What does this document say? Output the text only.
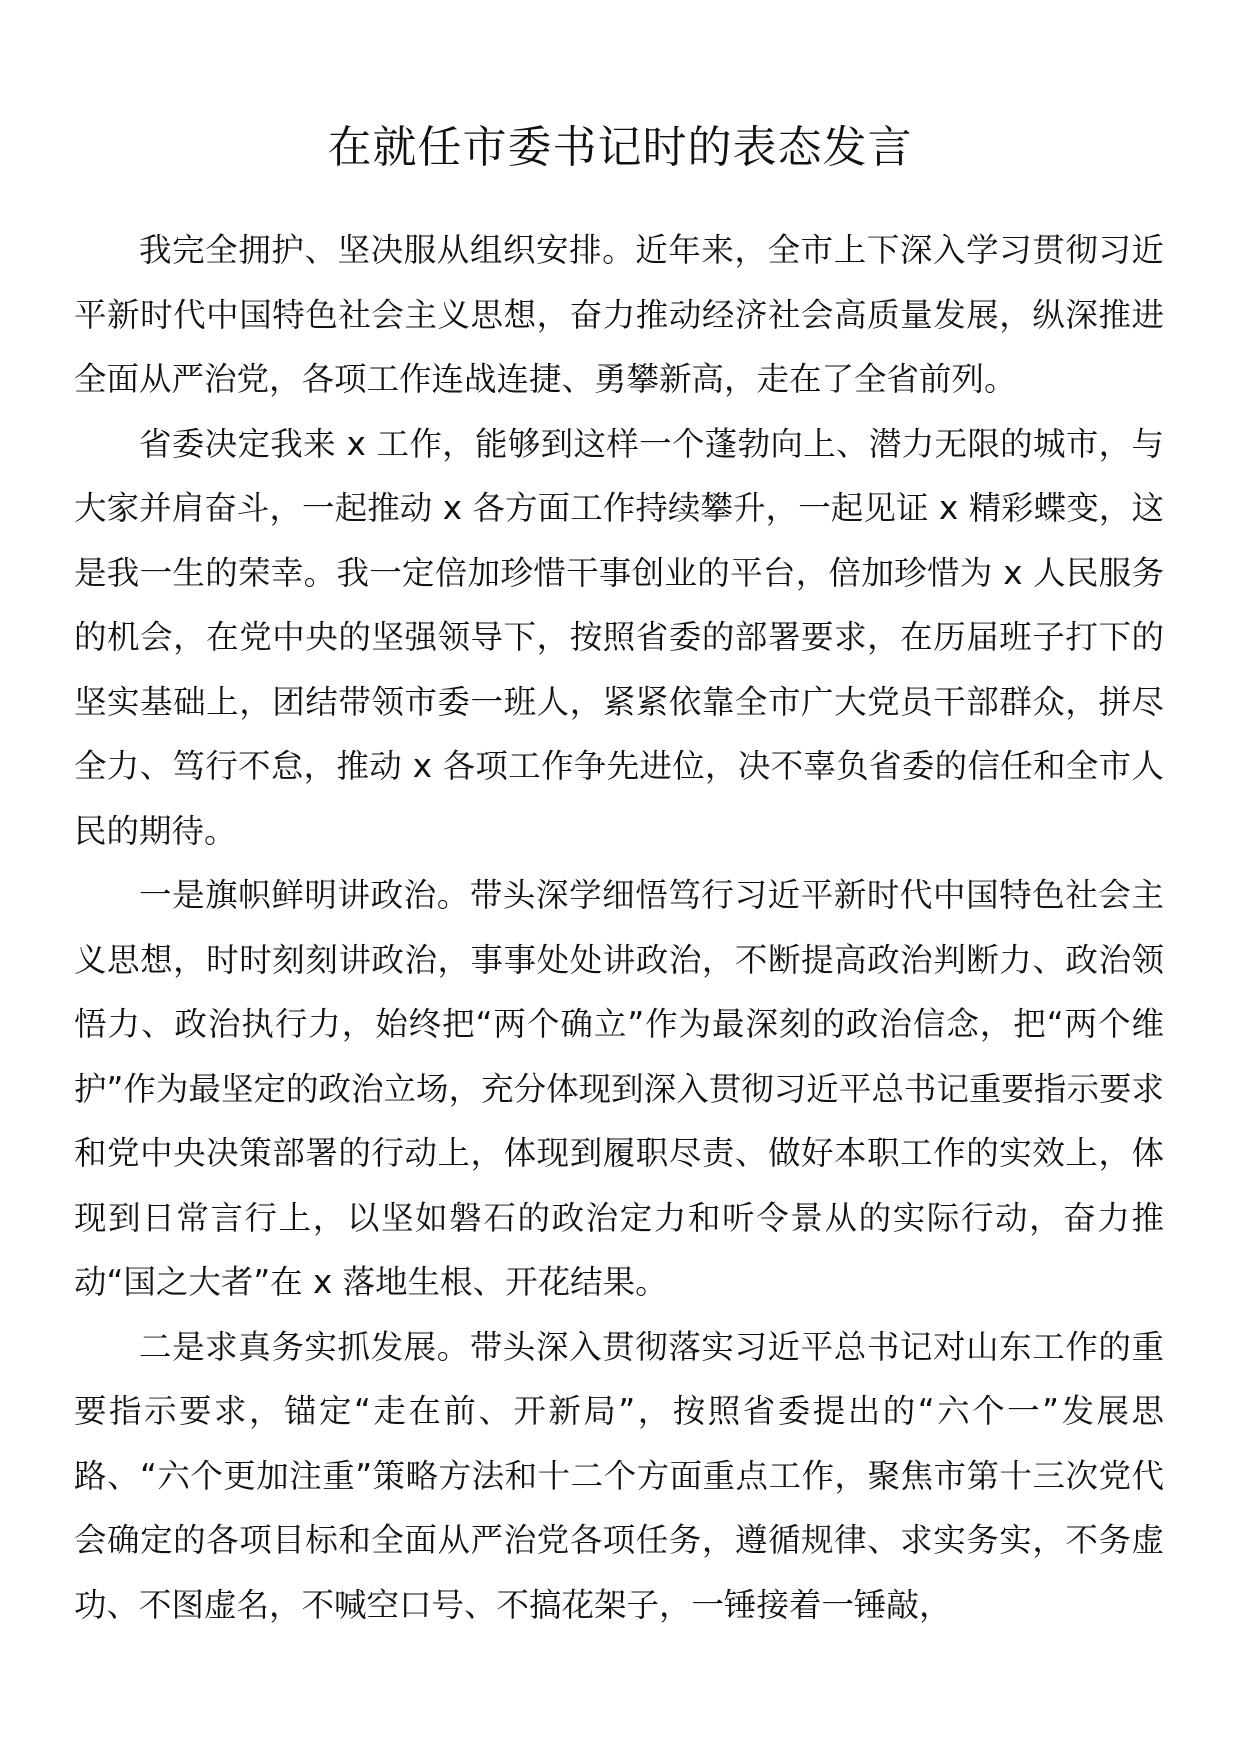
在就任市委书记时的表态发言

我完全拥护、坚决服从组织安排。近年来，全市上下深入学习贯彻习近平新时代中国特色社会主义思想，奋力推动经济社会高质量发展，纵深推进全面从严治党，各项工作连战连捷、勇攀新高，走在了全省前列。

省委决定我来 x 工作，能够到这样一个蓬勃向上、潜力无限的城市，与大家并肩奋斗，一起推动 x 各方面工作持续攀升，一起见证 x 精彩蝶变，这是我一生的荣幸。我一定倍加珍惜干事创业的平台，倍加珍惜为 x 人民服务的机会，在党中央的坚强领导下，按照省委的部署要求，在历届班子打下的坚实基础上，团结带领市委一班人，紧紧依靠全市广大党员干部群众，拼尽全力、笃行不怠，推动 x 各项工作争先进位，决不辜负省委的信任和全市人民的期待。

一是旗帜鲜明讲政治。带头深学细悟笃行习近平新时代中国特色社会主义思想，时时刻刻讲政治，事事处处讲政治，不断提高政治判断力、政治领悟力、政治执行力，始终把“两个确立”作为最深刻的政治信念，把“两个维护”作为最坚定的政治立场，充分体现到深入贯彻习近平总书记重要指示要求和党中央决策部署的行动上，体现到履职尽责、做好本职工作的实效上，体现到日常言行上，以坚如磐石的政治定力和听令景从的实际行动，奋力推动“国之大者”在 x 落地生根、开花结果。

二是求真务实抓发展。带头深入贯彻落实习近平总书记对山东工作的重要指示要求，锚定“走在前、开新局”，按照省委提出的“六个一”发展思路、“六个更加注重”策略方法和十二个方面重点工作，聚焦市第十三次党代会确定的各项目标和全面从严治党各项任务，遵循规律、求实务实，不务虚功、不图虚名，不喊空口号、不搞花架子，一锤接着一锤敲，
